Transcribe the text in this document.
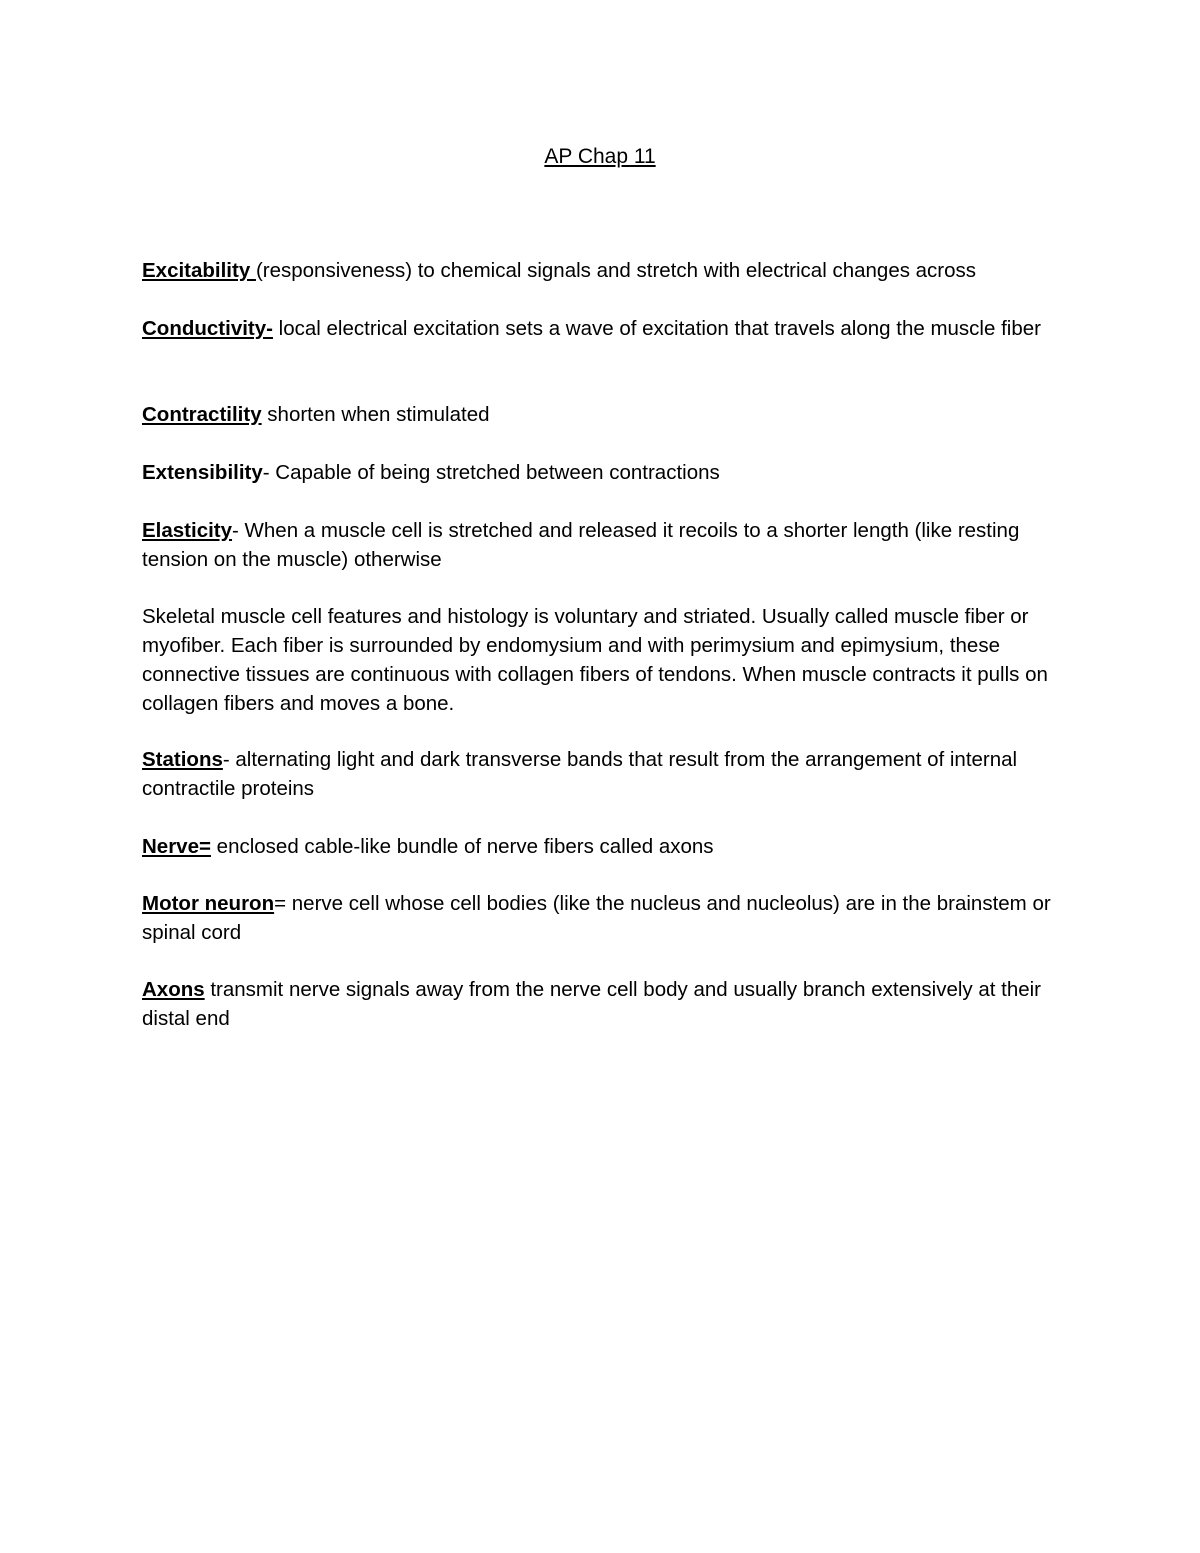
AP Chap 11

Excitability (responsiveness) to chemical signals and stretch with electrical changes across

Conductivity- local electrical excitation sets a wave of excitation that travels along the muscle fiber

Contractility shorten when stimulated

Extensibility- Capable of being stretched between contractions

Elasticity- When a muscle cell is stretched and released it recoils to a shorter length (like resting tension on the muscle) otherwise

Skeletal muscle cell features and histology is voluntary and striated. Usually called muscle fiber or myofiber. Each fiber is surrounded by endomysium and with perimysium and epimysium, these connective tissues are continuous with collagen fibers of tendons. When muscle contracts it pulls on collagen fibers and moves a bone.

Stations- alternating light and dark transverse bands that result from the arrangement of internal contractile proteins

Nerve= enclosed cable-like bundle of nerve fibers called axons

Motor neuron= nerve cell whose cell bodies (like the nucleus and nucleolus) are in the brainstem or spinal cord

Axons transmit nerve signals away from the nerve cell body and usually branch extensively at their distal end
